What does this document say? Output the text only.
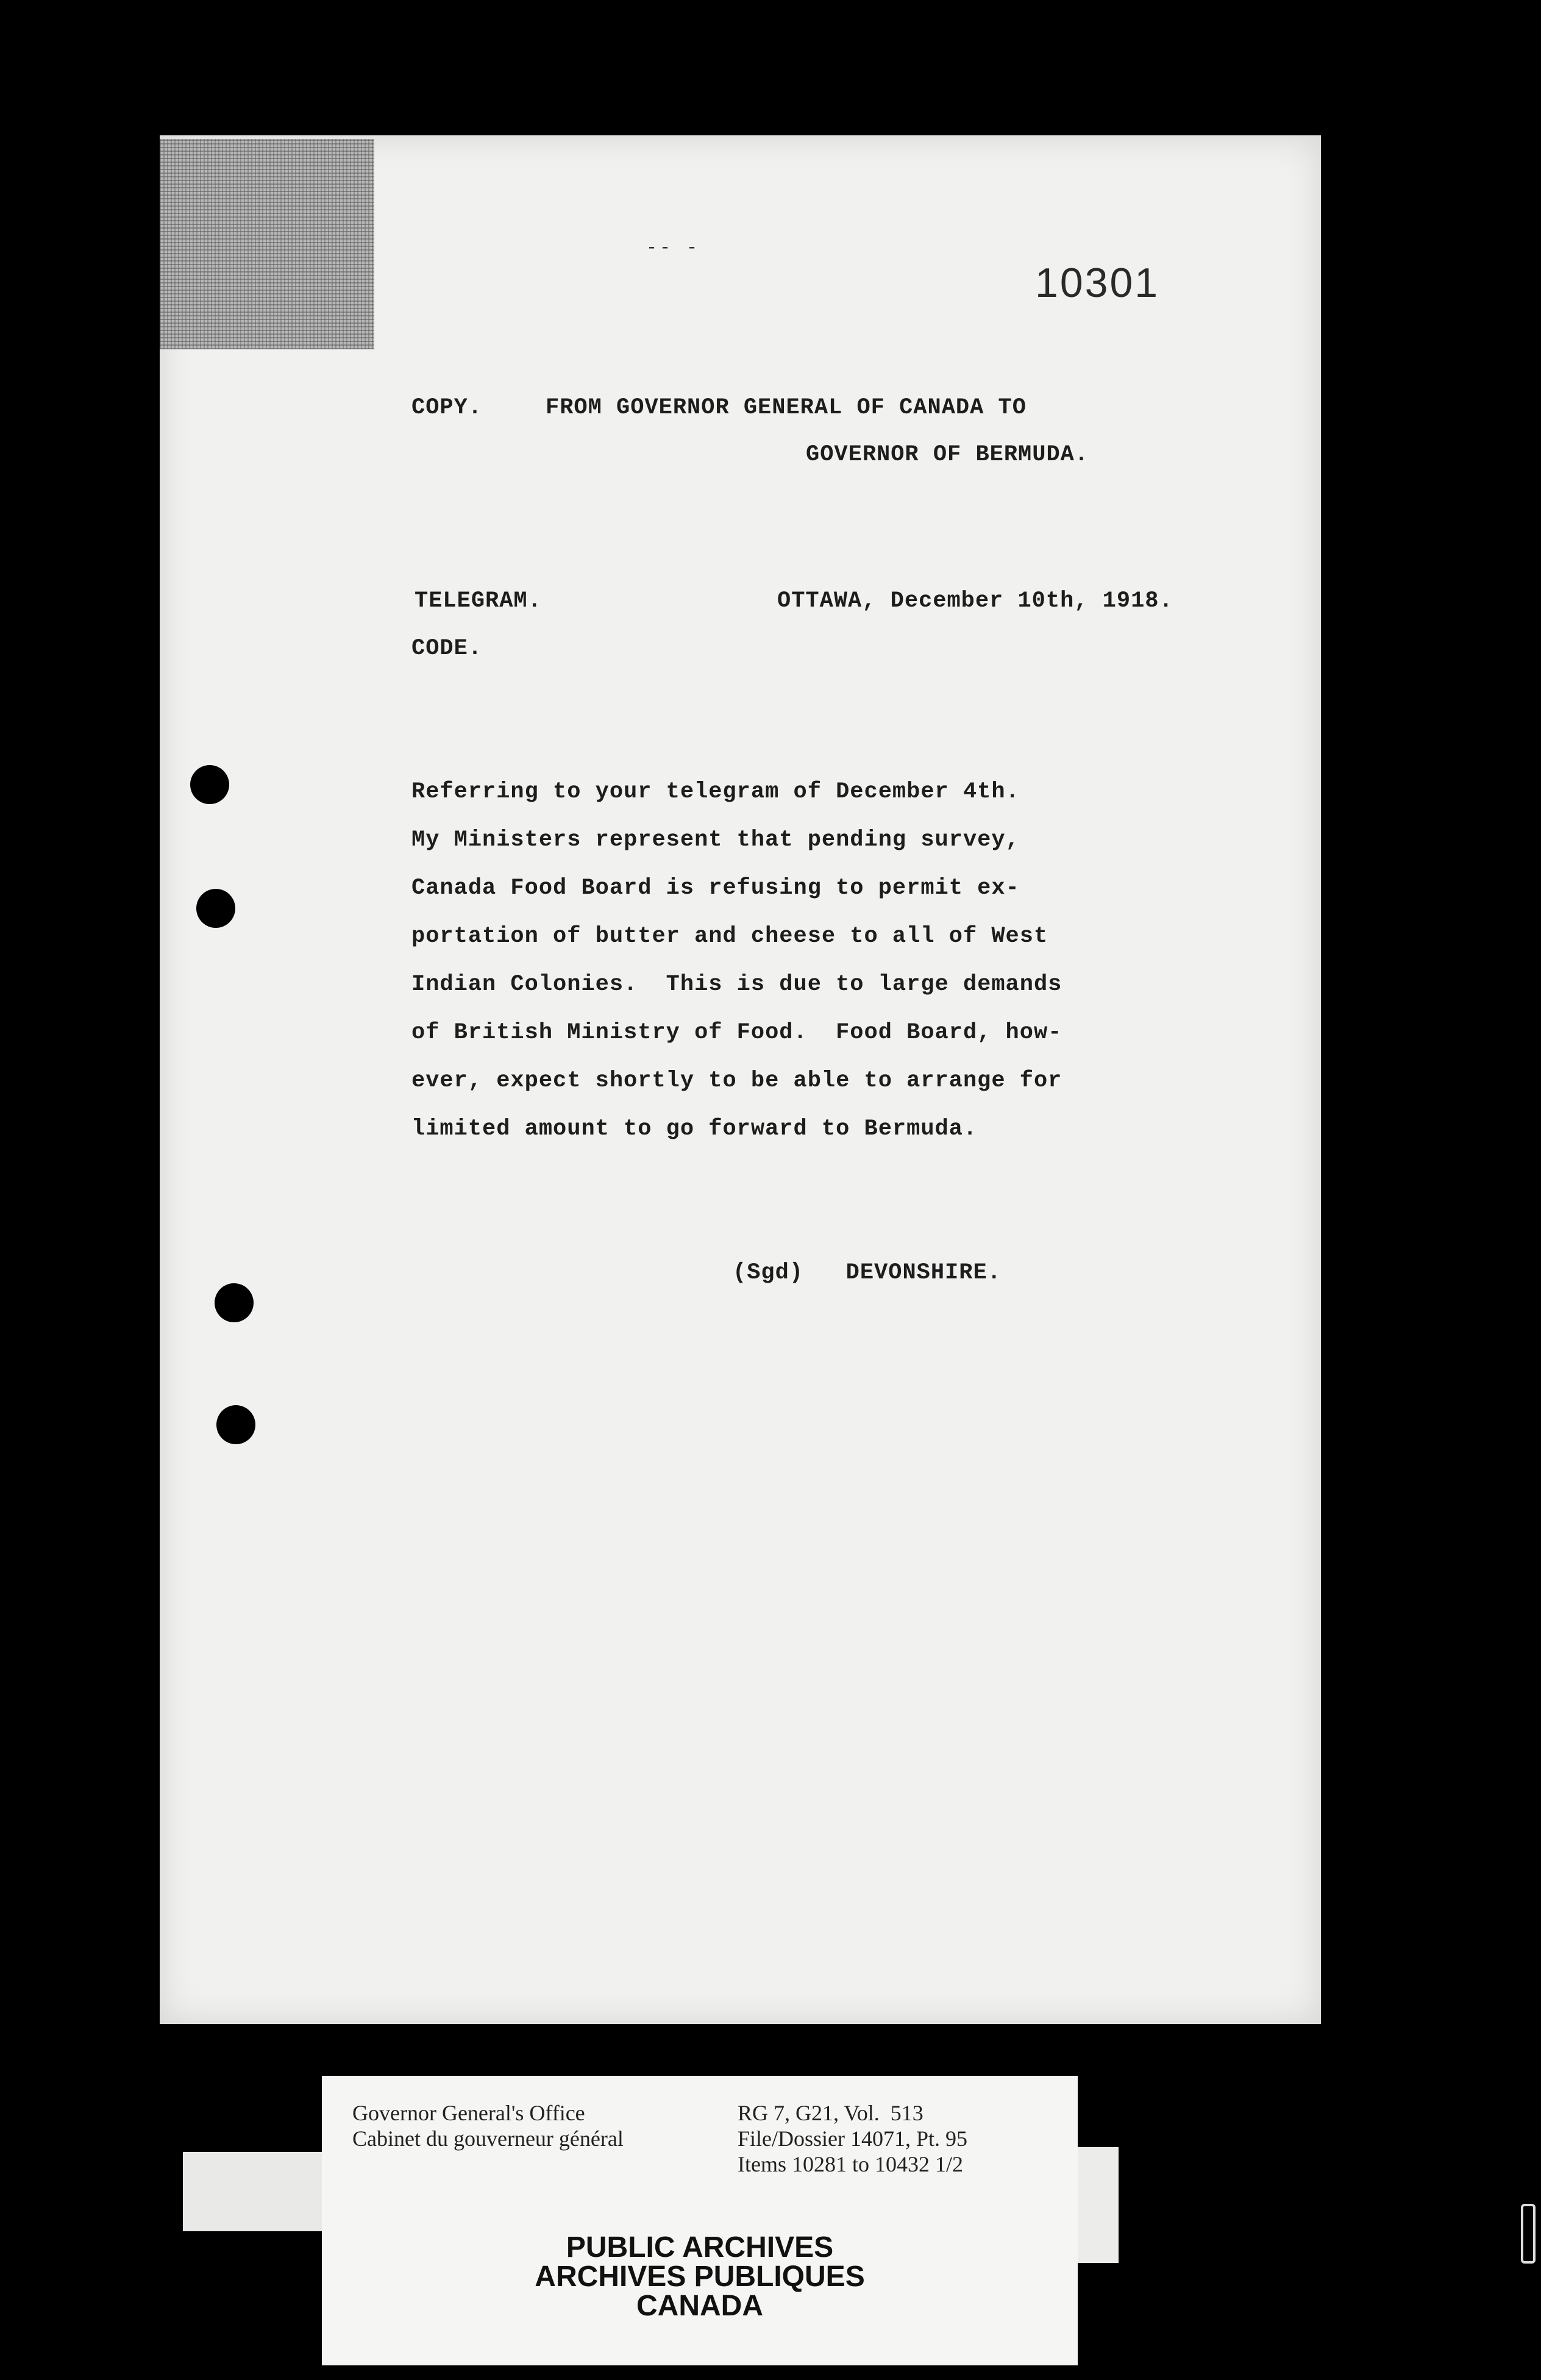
-- -
10301
COPY.	FROM GOVERNOR GENERAL OF CANADA TO
GOVERNOR OF BERMUDA.
TELEGRAM.	OTTAWA, December 10th, 1918.
CODE.
Referring to your telegram of December 4th.
My Ministers represent that pending survey,
Canada Food Board is refusing to permit ex-
portation of butter and cheese to all of West
Indian Colonies.  This is due to large demands
of British Ministry of Food.  Food Board, how-
ever, expect shortly to be able to arrange for
limited amount to go forward to Bermuda.
(Sgd)   DEVONSHIRE.
Governor General's Office
Cabinet du gouverneur général
RG 7, G21, Vol.  513
File/Dossier 14071, Pt. 95
Items 10281 to 10432 1/2
PUBLIC ARCHIVES
ARCHIVES PUBLIQUES
CANADA
